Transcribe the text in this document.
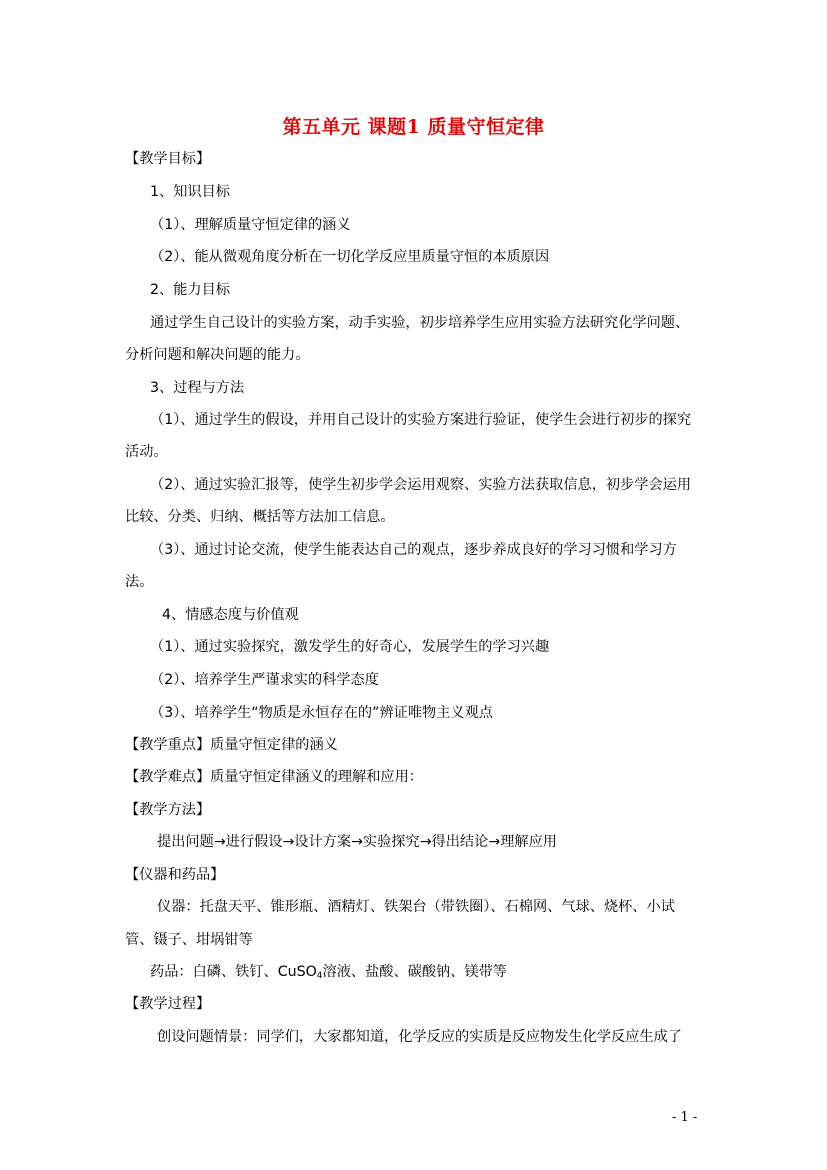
第五单元 课题1 质量守恒定律
【教学目标】
1、知识目标
（1）、理解质量守恒定律的涵义
（2）、能从微观角度分析在一切化学反应里质量守恒的本质原因
2、能力目标
通过学生自己设计的实验方案，动手实验，初步培养学生应用实验方法研究化学问题、
分析问题和解决问题的能力。
3、过程与方法
（1）、通过学生的假设，并用自己设计的实验方案进行验证，使学生会进行初步的探究
活动。
（2）、通过实验汇报等，使学生初步学会运用观察、实验方法获取信息，初步学会运用
比较、分类、归纳、概括等方法加工信息。
（3）、通过讨论交流，使学生能表达自己的观点，逐步养成良好的学习习惯和学习方
法。
4、情感态度与价值观
（1）、通过实验探究，激发学生的好奇心，发展学生的学习兴趣
（2）、培养学生严谨求实的科学态度
（3）、培养学生“物质是永恒存在的”辨证唯物主义观点
【教学重点】质量守恒定律的涵义
【教学难点】质量守恒定律涵义的理解和应用：
【教学方法】
提出问题→进行假设→设计方案→实验探究→得出结论→理解应用
【仪器和药品】
仪器：托盘天平、锥形瓶、酒精灯、铁架台（带铁圈）、石棉网、气球、烧杯、小试
管、镊子、坩埚钳等
药品：白磷、铁钉、CuSO$_4$溶液、盐酸、碳酸钠、镁带等
【教学过程】
创设问题情景：同学们，大家都知道，化学反应的实质是反应物发生化学反应生成了
- 1 -
